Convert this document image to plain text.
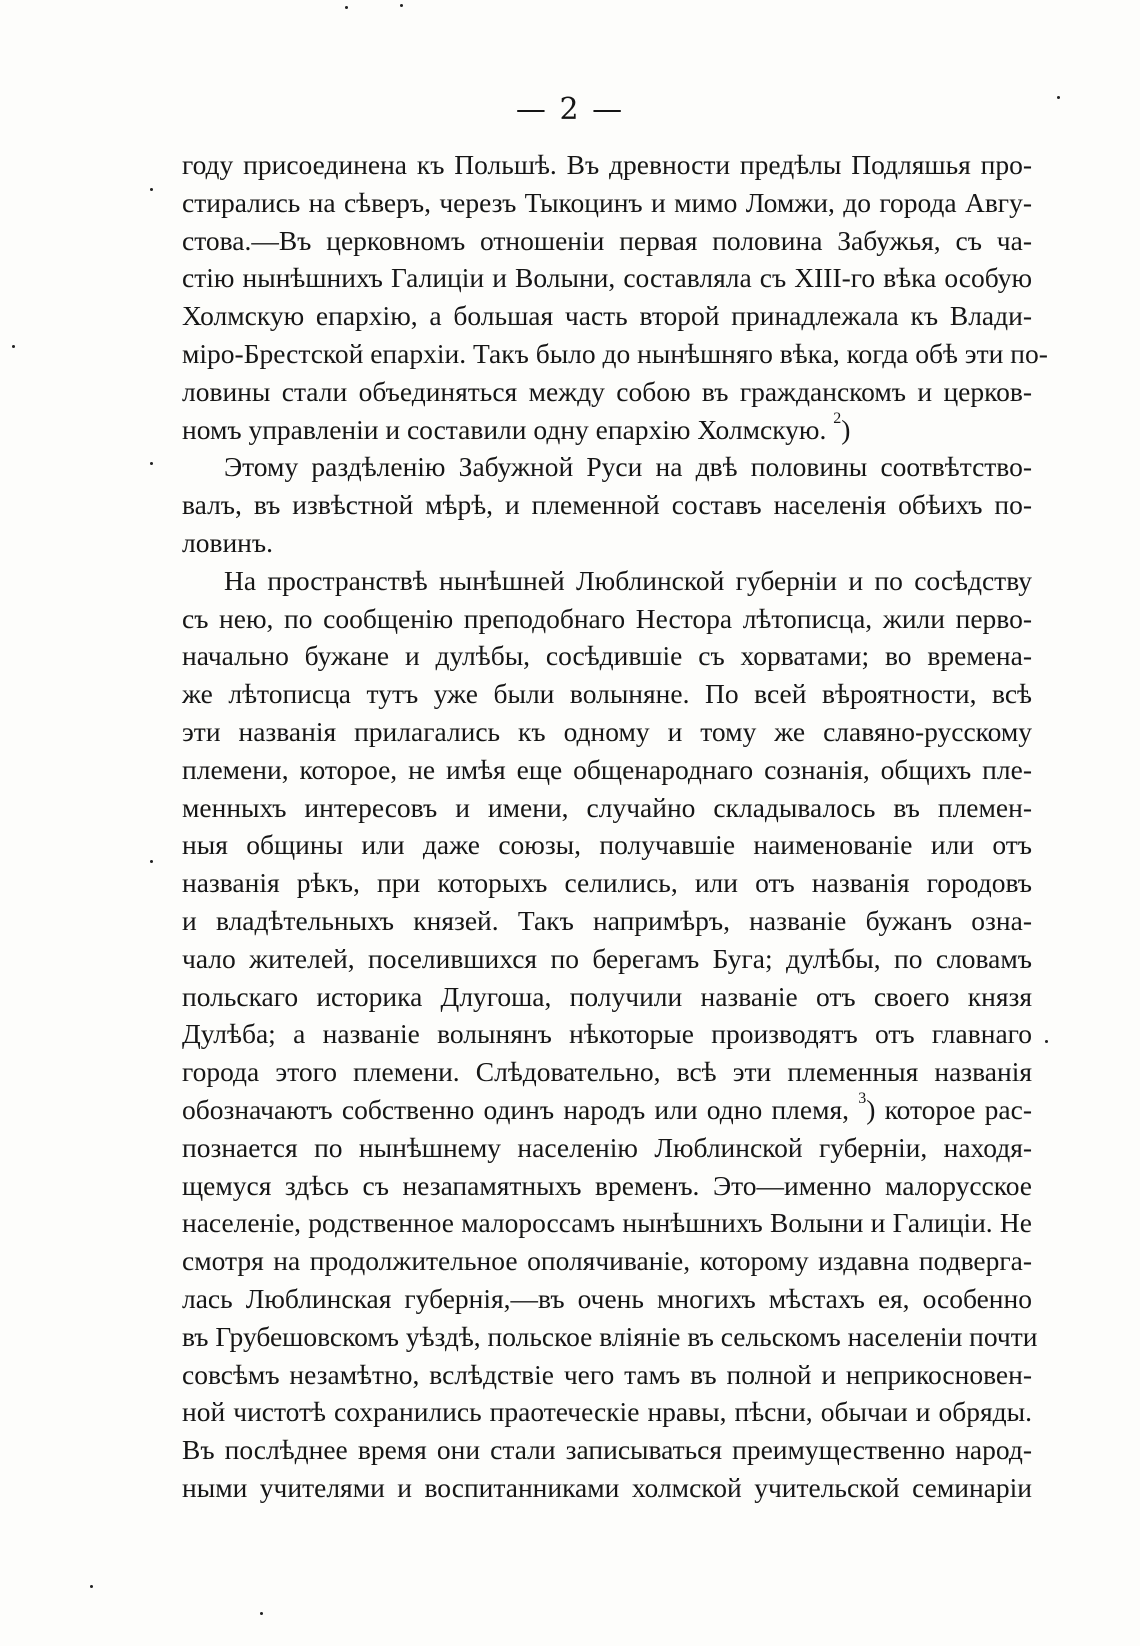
— 2 —

году присоединена къ Польшѣ. Въ древности предѣлы Подляшья про-
стирались на сѣверъ, черезъ Тыкоцинъ и мимо Ломжи, до города Авгу-
стова.—Въ церковномъ отношеніи первая половина Забужья, съ ча-
стію нынѣшнихъ Галиціи и Волыни, составляла съ XIII-го вѣка особую
Холмскую епархію, а большая часть второй принадлежала къ Влади-
міро-Брестской епархіи. Такъ было до нынѣшняго вѣка, когда обѣ эти по-
ловины стали объединяться между собою въ гражданскомъ и церков-
номъ управленіи и составили одну епархію Холмскую. $^2$)

Этому раздѣленію Забужной Руси на двѣ половины соотвѣтство-
валъ, въ извѣстной мѣрѣ, и племенной составъ населенія обѣихъ по-
ловинъ.

На пространствѣ нынѣшней Люблинской губерніи и по сосѣдству
съ нею, по сообщенію преподобнаго Нестора лѣтописца, жили перво-
начально бужане и дулѣбы, сосѣдившіе съ хорватами; во времена-
же лѣтописца тутъ уже были волыняне. По всей вѣроятности, всѣ
эти названія прилагались къ одному и тому же славяно-русскому
племени, которое, не имѣя еще общенароднаго сознанія, общихъ пле-
менныхъ интересовъ и имени, случайно складывалось въ племен-
ныя общины или даже союзы, получавшіе наименованіе или отъ
названія рѣкъ, при которыхъ селились, или отъ названія городовъ
и владѣтельныхъ князей. Такъ напримѣръ, названіе бужанъ озна-
чало жителей, поселившихся по берегамъ Буга; дулѣбы, по словамъ
польскаго историка Длугоша, получили названіе отъ своего князя
Дулѣба; а названіе волынянъ нѣкоторые производятъ отъ главнаго
города этого племени. Слѣдовательно, всѣ эти племенныя названія
обозначаютъ собственно одинъ народъ или одно племя, $^3$) которое рас-
познается по нынѣшнему населенію Люблинской губерніи, находя-
щемуся здѣсь съ незапамятныхъ временъ. Это—именно малорусское
населеніе, родственное малороссамъ нынѣшнихъ Волыни и Галиціи. Не
смотря на продолжительное ополячиваніе, которому издавна подверга-
лась Люблинская губернія,—въ очень многихъ мѣстахъ ея, особенно
въ Грубешовскомъ уѣздѣ, польское вліяніе въ сельскомъ населеніи почти
совсѣмъ незамѣтно, вслѣдствіе чего тамъ въ полной и неприкосновен-
ной чистотѣ сохранились праотеческіе нравы, пѣсни, обычаи и обряды.
Въ послѣднее время они стали записываться преимущественно народ-
ными учителями и воспитанниками холмской учительской семинаріи
